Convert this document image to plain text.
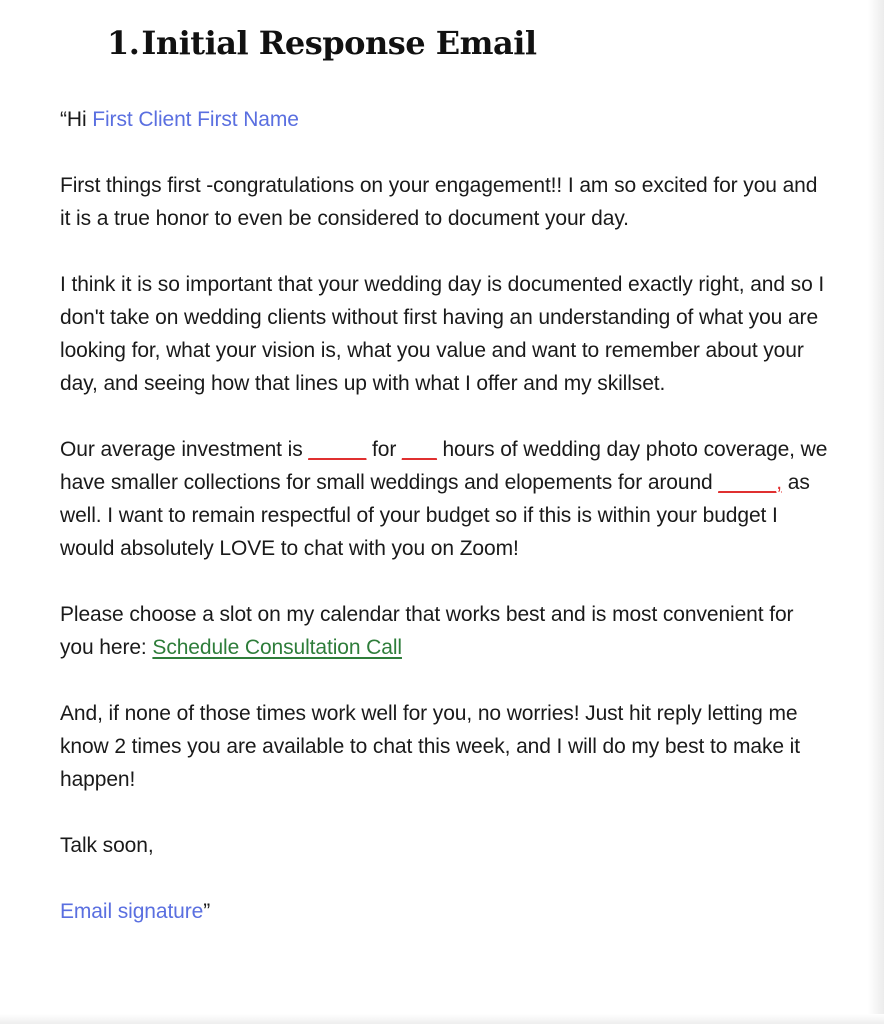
1.Initial Response Email

“Hi First Client First Name

First things first -congratulations on your engagement!! I am so excited for you and it is a true honor to even be considered to document your day.

I think it is so important that your wedding day is documented exactly right, and so I don't take on wedding clients without first having an understanding of what you are looking for, what your vision is, what you value and want to remember about your day, and seeing how that lines up with what I offer and my skillset.

Our average investment is _____ for ___ hours of wedding day photo coverage, we have smaller collections for small weddings and elopements for around _____, as well. I want to remain respectful of your budget so if this is within your budget I would absolutely LOVE to chat with you on Zoom!

Please choose a slot on my calendar that works best and is most convenient for you here: Schedule Consultation Call

And, if none of those times work well for you, no worries! Just hit reply letting me know 2 times you are available to chat this week, and I will do my best to make it happen!

Talk soon,

Email signature”
